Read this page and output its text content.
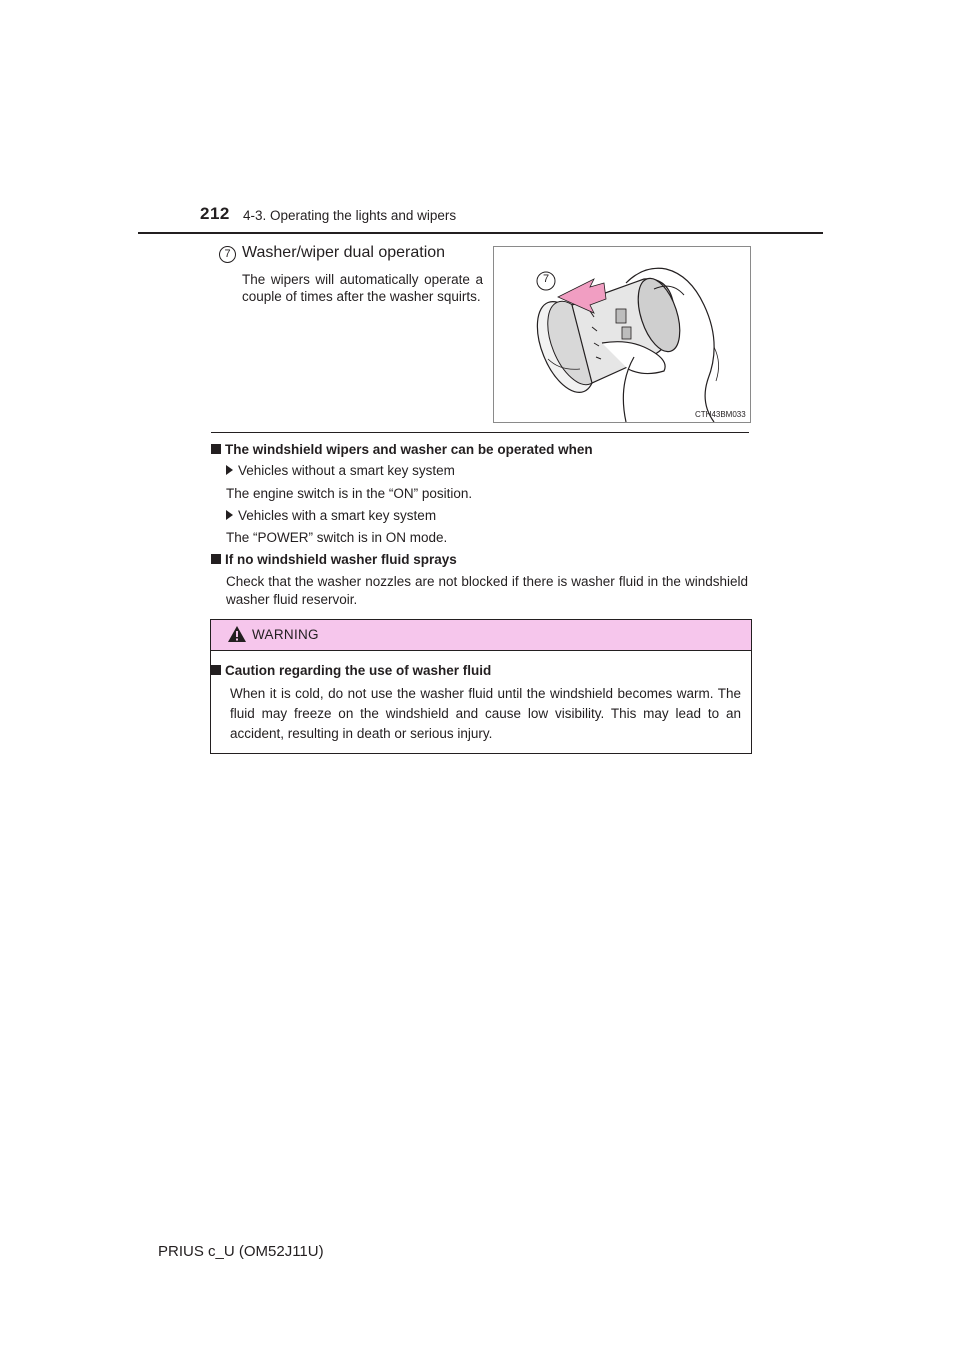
212 4-3. Operating the lights and wipers
7 Washer/wiper dual operation
The wipers will automatically operate a couple of times after the washer squirts.
7
CTH43BM033
The windshield wipers and washer can be operated when
Vehicles without a smart key system
The engine switch is in the “ON” position.
Vehicles with a smart key system
The “POWER” switch is in ON mode.
If no windshield washer fluid sprays
Check that the washer nozzles are not blocked if there is washer fluid in the windshield washer fluid reservoir.
WARNING
Caution regarding the use of washer fluid
When it is cold, do not use the washer fluid until the windshield becomes warm. The fluid may freeze on the windshield and cause low visibility. This may lead to an accident, resulting in death or serious injury.
PRIUS c_U (OM52J11U)
